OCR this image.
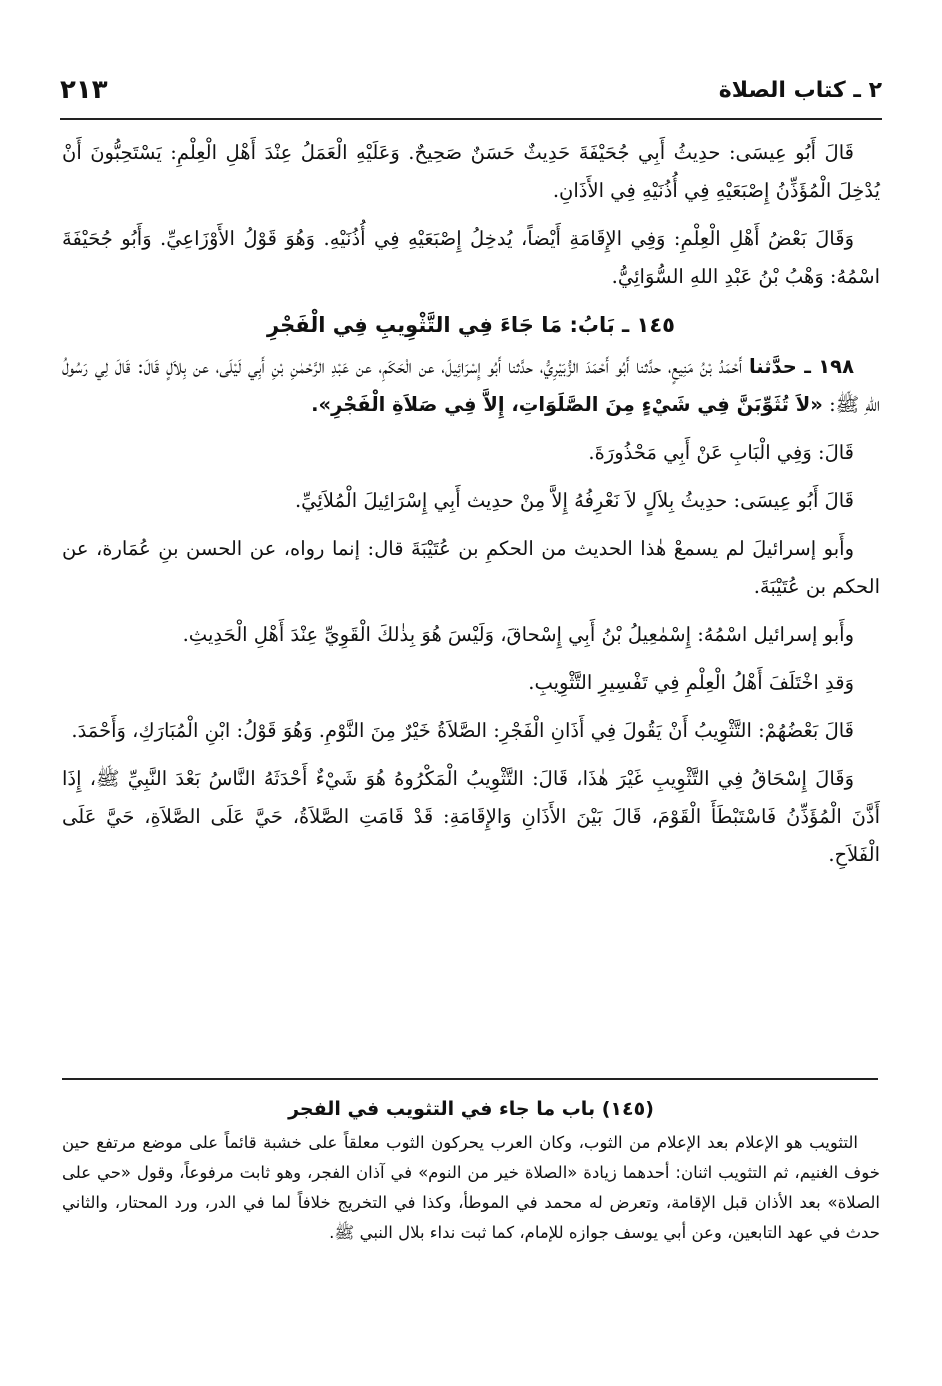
٢ ـ كتاب الصلاة
٢١٣

قَالَ أَبُو عِيسَى: حدِيثُ أَبِي جُحَيْفَةَ حَدِيثٌ حَسَنٌ صَحِيحٌ. وَعَلَيْهِ الْعَمَلُ عِنْدَ أَهْلِ الْعِلْمِ: يَسْتَحِبُّونَ أَنْ يُدْخِلَ الْمُؤَذِّنُ إِصْبَعَيْهِ فِي أُذُنَيْهِ فِي الأَذَانِ.

وَقَالَ بَعْضُ أَهْلِ الْعِلْمِ: وَفِي الإِقَامَةِ أَيْضاً، يُدخِلُ إِصْبَعَيْهِ فِي أُذُنَيْهِ. وَهُوَ قَوْلُ الأَوْزَاعِيِّ. وَأَبُو جُحَيْفَةَ اسْمُهُ: وَهْبُ بْنُ عَبْدِ اللهِ السُّوَائِيُّ.

١٤٥ ـ بَابُ: مَا جَاءَ فِي التَّثْوِيبِ فِي الْفَجْرِ

١٩٨ ـ حدَّثنا أَحْمَدُ بْنُ مَنِيعٍ، حدَّثنا أَبُو أَحْمَدَ الزُّبَيْرِيُّ، حدَّثنا أَبُو إِسْرَائِيلَ، عن الْحَكَمِ، عن عَبْدِ الرَّحْمٰنِ بْنِ أَبِي لَيْلَى، عن بِلاَلٍ قَالَ: قَالَ لِي رَسُولُ اللهِ ﷺ: «لاَ تُثَوِّبَنَّ فِي شَيْءٍ مِنَ الصَّلَوَاتِ، إِلاَّ فِي صَلاَةِ الْفَجْرِ».

قَالَ: وَفِي الْبَابِ عَنْ أَبِي مَحْذُورَةَ.

قَالَ أَبُو عِيسَى: حدِيثُ بِلاَلٍ لاَ نَعْرِفُهُ إِلاَّ مِنْ حدِيث أَبِي إِسْرَائِيلَ الْمُلاَئِيِّ.

وأَبو إسرائيلَ لم يسمعْ هٰذا الحديث من الحكمِ بن عُتَيْبَةَ قال: إنما رواه، عن الحسن بنِ عُمَارة، عن الحكم بن عُتَيْبَةَ.

وأَبو إسرائيل اسْمُهُ: إِسْمٰعِيلُ بْنُ أَبِي إِسْحاقَ، وَلَيْسَ هُوَ بِذٰلكَ الْقَوِيِّ عِنْدَ أَهْلِ الْحَدِيثِ.

وَقدِ اخْتَلَفَ أَهْلُ الْعِلْمِ فِي تَفْسِيرِ التَّثْوِيبِ.

قَالَ بَعْضُهُمْ: التَّثْوِيبُ أَنْ يَقُولَ فِي أَذَانِ الْفَجْرِ: الصَّلاَةُ خَيْرٌ مِنَ النَّوْمِ. وَهُوَ قَوْلُ: ابْنِ الْمُبَارَكِ، وَأَحْمَدَ.

وَقَالَ إِسْحَاقُ فِي التَّثْوِيبِ غَيْرَ هٰذَا، قَالَ: التَّثْوِيبُ الْمَكْرُوهُ هُوَ شَيْءٌ أَحْدَثَهُ النَّاسُ بَعْدَ النَّبِيِّ ﷺ، إِذَا أَذَّنَ الْمُؤَذِّنُ فَاسْتَبْطَأَ الْقَوْمَ، قَالَ بَيْنَ الأَذَانِ وَالإِقَامَةِ: قَدْ قَامَتِ الصَّلاَةُ، حَيَّ عَلَى الصَّلاَةِ، حَيَّ عَلَى الْفَلاَحِ.

(١٤٥) باب ما جاء في التثويب في الفجر

التثويب هو الإعلام بعد الإعلام من الثوب، وكان العرب يحركون الثوب معلقاً على خشبة قائماً على موضع مرتفع حين خوف الغنيم، ثم التثويب اثنان: أحدهما زيادة «الصلاة خير من النوم» في آذان الفجر، وهو ثابت مرفوعاً، وقول «حي على الصلاة» بعد الأذان قبل الإقامة، وتعرض له محمد في الموطأ، وكذا في التخريج خلافاً لما في الدر، ورد المحتار، والثاني حدث في عهد التابعين، وعن أبي يوسف جوازه للإمام، كما ثبت نداء بلال النبي ﷺ.
